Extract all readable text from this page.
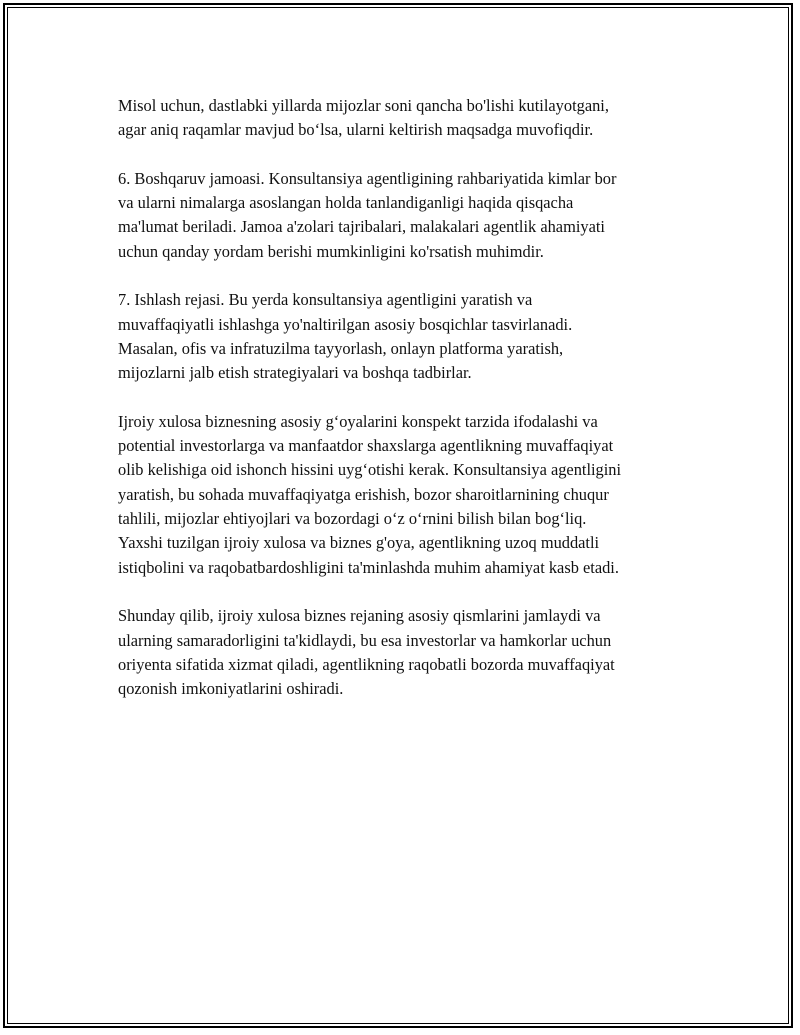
Misol uchun, dastlabki yillarda mijozlar soni qancha bo'lishi kutilayotgani,
agar aniq raqamlar mavjud bo‘lsa, ularni keltirish maqsadga muvofiqdir.

6. Boshqaruv jamoasi. Konsultansiya agentligining rahbariyatida kimlar bor
va ularni nimalarga asoslangan holda tanlandiganligi haqida qisqacha
ma'lumat beriladi. Jamoa a'zolari tajribalari, malakalari agentlik ahamiyati
uchun qanday yordam berishi mumkinligini ko'rsatish muhimdir.

7. Ishlash rejasi. Bu yerda konsultansiya agentligini yaratish va
muvaffaqiyatli ishlashga yo'naltirilgan asosiy bosqichlar tasvirlanadi.
Masalan, ofis va infratuzilma tayyorlash, onlayn platforma yaratish,
mijozlarni jalb etish strategiyalari va boshqa tadbirlar.

Ijroiy xulosa biznesning asosiy g‘oyalarini konspekt tarzida ifodalashi va
potential investorlarga va manfaatdor shaxslarga agentlikning muvaffaqiyat
olib kelishiga oid ishonch hissini uyg‘otishi kerak. Konsultansiya agentligini
yaratish, bu sohada muvaffaqiyatga erishish, bozor sharoitlarnining chuqur
tahlili, mijozlar ehtiyojlari va bozordagi o‘z o‘rnini bilish bilan bog‘liq.
Yaxshi tuzilgan ijroiy xulosa va biznes g'oya, agentlikning uzoq muddatli
istiqbolini va raqobatbardoshligini ta'minlashda muhim ahamiyat kasb etadi.

Shunday qilib, ijroiy xulosa biznes rejaning asosiy qismlarini jamlaydi va
ularning samaradorligini ta'kidlaydi, bu esa investorlar va hamkorlar uchun
oriyenta sifatida xizmat qiladi, agentlikning raqobatli bozorda muvaffaqiyat
qozonish imkoniyatlarini oshiradi.
